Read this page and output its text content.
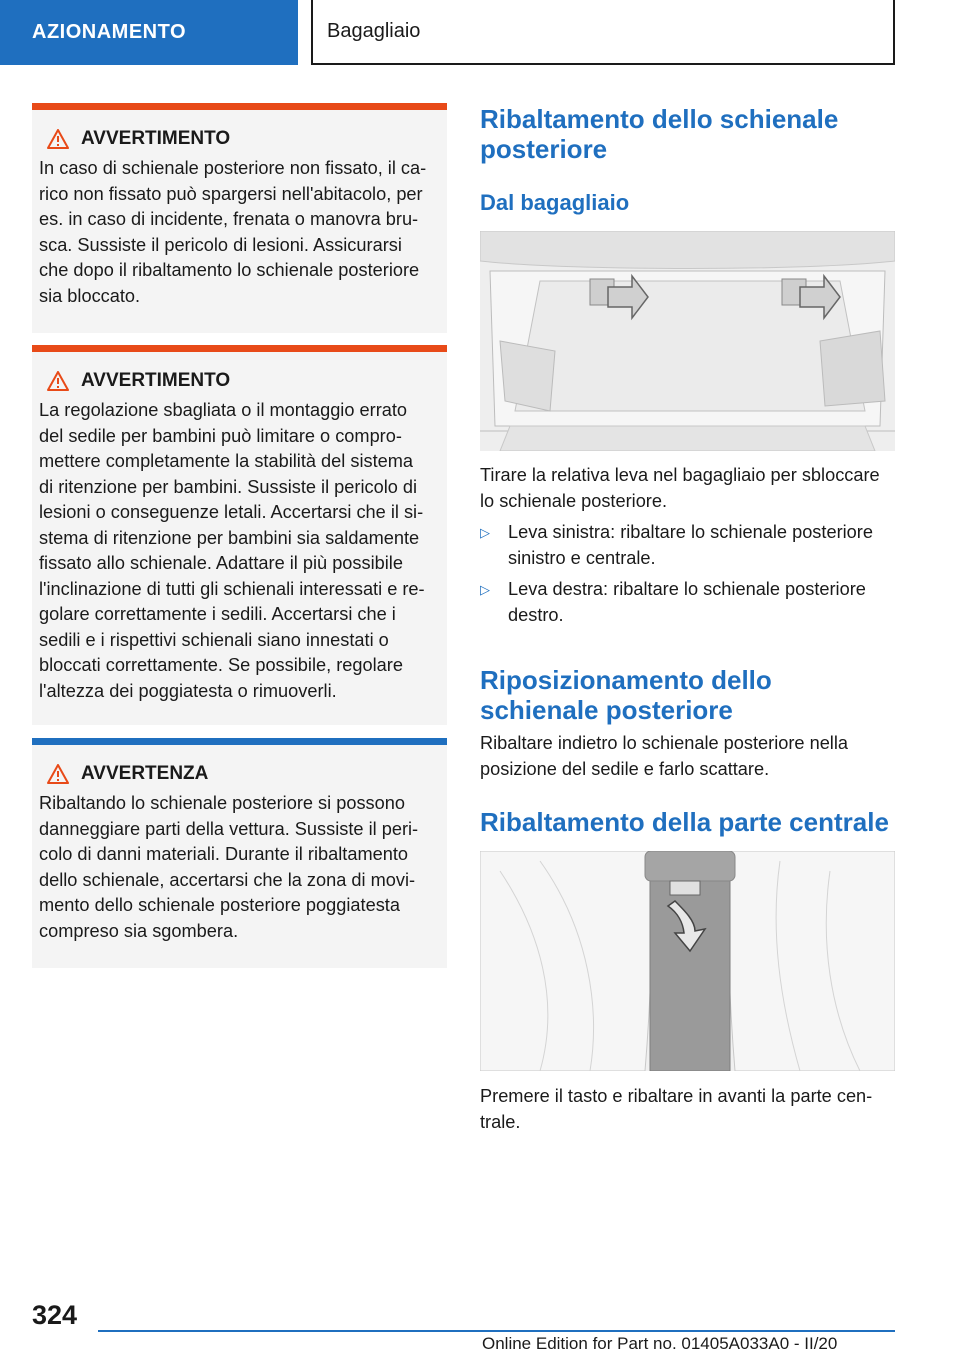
AZIONAMENTO	Bagagliaio
AVVERTIMENTO
In caso di schienale posteriore non fissato, il ca-
rico non fissato può spargersi nell'abitacolo, per
es. in caso di incidente, frenata o manovra bru-
sca. Sussiste il pericolo di lesioni. Assicurarsi
che dopo il ribaltamento lo schienale posteriore
sia bloccato.
AVVERTIMENTO
La regolazione sbagliata o il montaggio errato
del sedile per bambini può limitare o compro-
mettere completamente la stabilità del sistema
di ritenzione per bambini. Sussiste il pericolo di
lesioni o conseguenze letali. Accertarsi che il si-
stema di ritenzione per bambini sia saldamente
fissato allo schienale. Adattare il più possibile
l'inclinazione di tutti gli schienali interessati e re-
golare correttamente i sedili. Accertarsi che i
sedili e i rispettivi schienali siano innestati o
bloccati correttamente. Se possibile, regolare
l'altezza dei poggiatesta o rimuoverli.
AVVERTENZA
Ribaltando lo schienale posteriore si possono
danneggiare parti della vettura. Sussiste il peri-
colo di danni materiali. Durante il ribaltamento
dello schienale, accertarsi che la zona di movi-
mento dello schienale posteriore poggiatesta
compreso sia sgombera.
Ribaltamento dello schienale
posteriore
Dal bagagliaio
Tirare la relativa leva nel bagagliaio per sbloccare
lo schienale posteriore.
▷ Leva sinistra: ribaltare lo schienale posteriore
sinistro e centrale.
▷ Leva destra: ribaltare lo schienale posteriore
destro.
Riposizionamento dello
schienale posteriore
Ribaltare indietro lo schienale posteriore nella
posizione del sedile e farlo scattare.
Ribaltamento della parte centrale
Premere il tasto e ribaltare in avanti la parte cen-
trale.
324
Online Edition for Part no. 01405A033A0 - II/20
